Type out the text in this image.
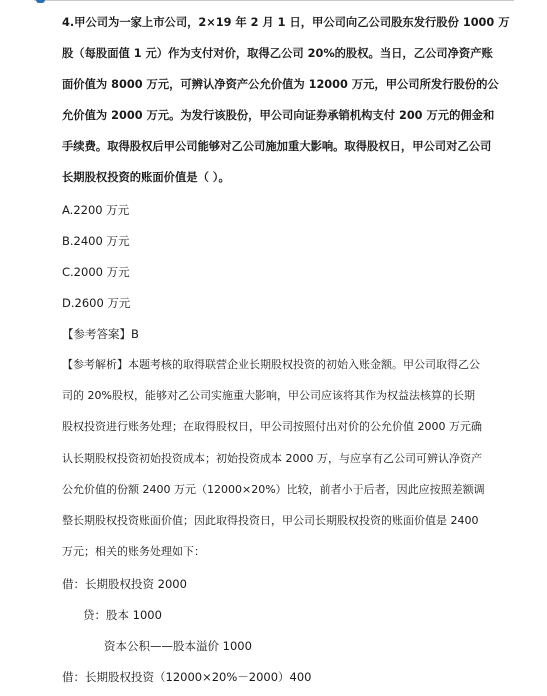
4.甲公司为一家上市公司，2×19 年 2 月 1 日，甲公司向乙公司股东发行股份 1000 万
股（每股面值 1 元）作为支付对价，取得乙公司 20%的股权。当日，乙公司净资产账
面价值为 8000 万元，可辨认净资产公允价值为 12000 万元，甲公司所发行股份的公
允价值为 2000 万元。为发行该股份，甲公司向证券承销机构支付 200 万元的佣金和
手续费。取得股权后甲公司能够对乙公司施加重大影响。取得股权日，甲公司对乙公司
长期股权投资的账面价值是（ ）。
A.2200 万元
B.2400 万元
C.2000 万元
D.2600 万元
【参考答案】B
【参考解析】本题考核的取得联营企业长期股权投资的初始入账金额。甲公司取得乙公
司的 20%股权，能够对乙公司实施重大影响，甲公司应该将其作为权益法核算的长期
股权投资进行账务处理；在取得股权日，甲公司按照付出对价的公允价值 2000 万元确
认长期股权投资初始投资成本；初始投资成本 2000 万，与应享有乙公司可辨认净资产
公允价值的份额 2400 万元（12000×20%）比较，前者小于后者，因此应按照差额调
整长期股权投资账面价值；因此取得投资日，甲公司长期股权投资的账面价值是 2400
万元；相关的账务处理如下：
借：长期股权投资 2000
贷：股本 1000
资本公积——股本溢价 1000
借：长期股权投资（12000×20%－2000）400
